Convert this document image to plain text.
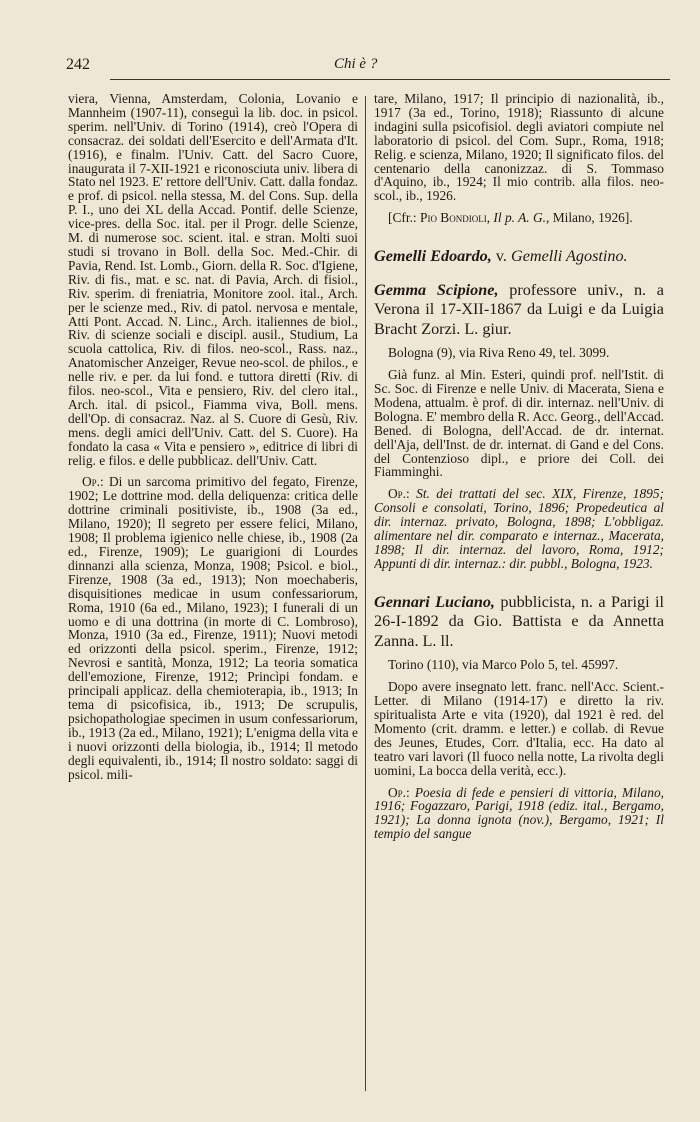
242	Chi è ?

viera, Vienna, Amsterdam, Colonia, Lovanio e Mannheim (1907-11), conseguì la lib. doc. in psicol. sperim. nell'Univ. di Torino (1914), creò l'Opera di consacraz. dei soldati dell'Esercito e dell'Armata d'It. (1916), e finalm. l'Univ. Catt. del Sacro Cuore, inaugurata il 7-XII-1921 e riconosciuta univ. libera di Stato nel 1923. E' rettore dell'Univ. Catt. dalla fondaz. e prof. di psicol. nella stessa, M. del Cons. Sup. della P. I., uno dei XL della Accad. Pontif. delle Scienze, vice-pres. della Soc. ital. per il Progr. delle Scienze, M. di numerose soc. scient. ital. e stran. Molti suoi studi si trovano in Boll. della Soc. Med.-Chir. di Pavia, Rend. Ist. Lomb., Giorn. della R. Soc. d'Igiene, Riv. di fis., mat. e sc. nat. di Pavia, Arch. di fisiol., Riv. sperim. di freniatria, Monitore zool. ital., Arch. per le scienze med., Riv. di patol. nervosa e mentale, Atti Pont. Accad. N. Linc., Arch. italiennes de biol., Riv. di scienze sociali e discipl. ausil., Studium, La scuola cattolica, Riv. di filos. neo-scol., Rass. naz., Anatomischer Anzeiger, Revue neo-scol. de philos., e nelle riv. e per. da lui fond. e tuttora diretti (Riv. di filos. neo-scol., Vita e pensiero, Riv. del clero ital., Arch. ital. di psicol., Fiamma viva, Boll. mens. dell'Op. di consacraz. Naz. al S. Cuore di Gesù, Riv. mens. degli amici dell'Univ. Catt. del S. Cuore). Ha fondato la casa « Vita e pensiero », editrice di libri di relig. e filos. e delle pubblicaz. dell'Univ. Catt.

Op.: Di un sarcoma primitivo del fegato, Firenze, 1902; Le dottrine mod. della deliquenza: critica delle dottrine criminali positiviste, ib., 1908 (3a ed., Milano, 1920); Il segreto per essere felici, Milano, 1908; Il problema igienico nelle chiese, ib., 1908 (2a ed., Firenze, 1909); Le guarigioni di Lourdes dinnanzi alla scienza, Monza, 1908; Psicol. e biol., Firenze, 1908 (3a ed., 1913); Non moechaberis, disquisitiones medicae in usum confessariorum, Roma, 1910 (6a ed., Milano, 1923); I funerali di un uomo e di una dottrina (in morte di C. Lombroso), Monza, 1910 (3a ed., Firenze, 1911); Nuovi metodi ed orizzonti della psicol. sperim., Firenze, 1912; Nevrosi e santità, Monza, 1912; La teoria somatica dell'emozione, Firenze, 1912; Princìpi fondam. e principali applicaz. della chemioterapia, ib., 1913; In tema di psicofisica, ib., 1913; De scrupulis, psichopathologiae specimen in usum confessariorum, ib., 1913 (2a ed., Milano, 1921); L'enigma della vita e i nuovi orizzonti della biologia, ib., 1914; Il metodo degli equivalenti, ib., 1914; Il nostro soldato: saggi di psicol. mili-

tare, Milano, 1917; Il principio di nazionalità, ib., 1917 (3a ed., Torino, 1918); Riassunto di alcune indagini sulla psicofisiol. degli aviatori compiute nel laboratorio di psicol. del Com. Supr., Roma, 1918; Relig. e scienza, Milano, 1920; Il significato filos. del centenario della canonizzaz. di S. Tommaso d'Aquino, ib., 1924; Il mio contrib. alla filos. neo-scol., ib., 1926.

[Cfr.: Pio Bondioli, Il p. A. G., Milano, 1926].

Gemelli Edoardo, v. Gemelli Agostino.

Gemma Scipione, professore univ., n. a Verona il 17-XII-1867 da Luigi e da Luigia Bracht Zorzi. L. giur.

Bologna (9), via Riva Reno 49, tel. 3099.

Già funz. al Min. Esteri, quindi prof. nell'Istit. di Sc. Soc. di Firenze e nelle Univ. di Macerata, Siena e Modena, attualm. è prof. di dir. internaz. nell'Univ. di Bologna. E' membro della R. Acc. Georg., dell'Accad. Bened. di Bologna, dell'Accad. de dr. internat. dell'Aja, dell'Inst. de dr. internat. di Gand e del Cons. del Contenzioso dipl., e priore dei Coll. dei Fiamminghi.

Op.: St. dei trattati del sec. XIX, Firenze, 1895; Consoli e consolati, Torino, 1896; Propedeutica al dir. internaz. privato, Bologna, 1898; L'obbligaz. alimentare nel dir. comparato e internaz., Macerata, 1898; Il dir. internaz. del lavoro, Roma, 1912; Appunti di dir. internaz.: dir. pubbl., Bologna, 1923.

Gennari Luciano, pubblicista, n. a Parigi il 26-I-1892 da Gio. Battista e da Annetta Zanna. L. ll.

Torino (110), via Marco Polo 5, tel. 45997.

Dopo avere insegnato lett. franc. nell'Acc. Scient.-Letter. di Milano (1914-17) e diretto la riv. spiritualista Arte e vita (1920), dal 1921 è red. del Momento (crit. dramm. e letter.) e collab. di Revue des Jeunes, Etudes, Corr. d'Italia, ecc. Ha dato al teatro vari lavori (Il fuoco nella notte, La rivolta degli uomini, La bocca della verità, ecc.).

Op.: Poesia di fede e pensieri di vittoria, Milano, 1916; Fogazzaro, Parigi, 1918 (ediz. ital., Bergamo, 1921); La donna ignota (nov.), Bergamo, 1921; Il tempio del sangue
